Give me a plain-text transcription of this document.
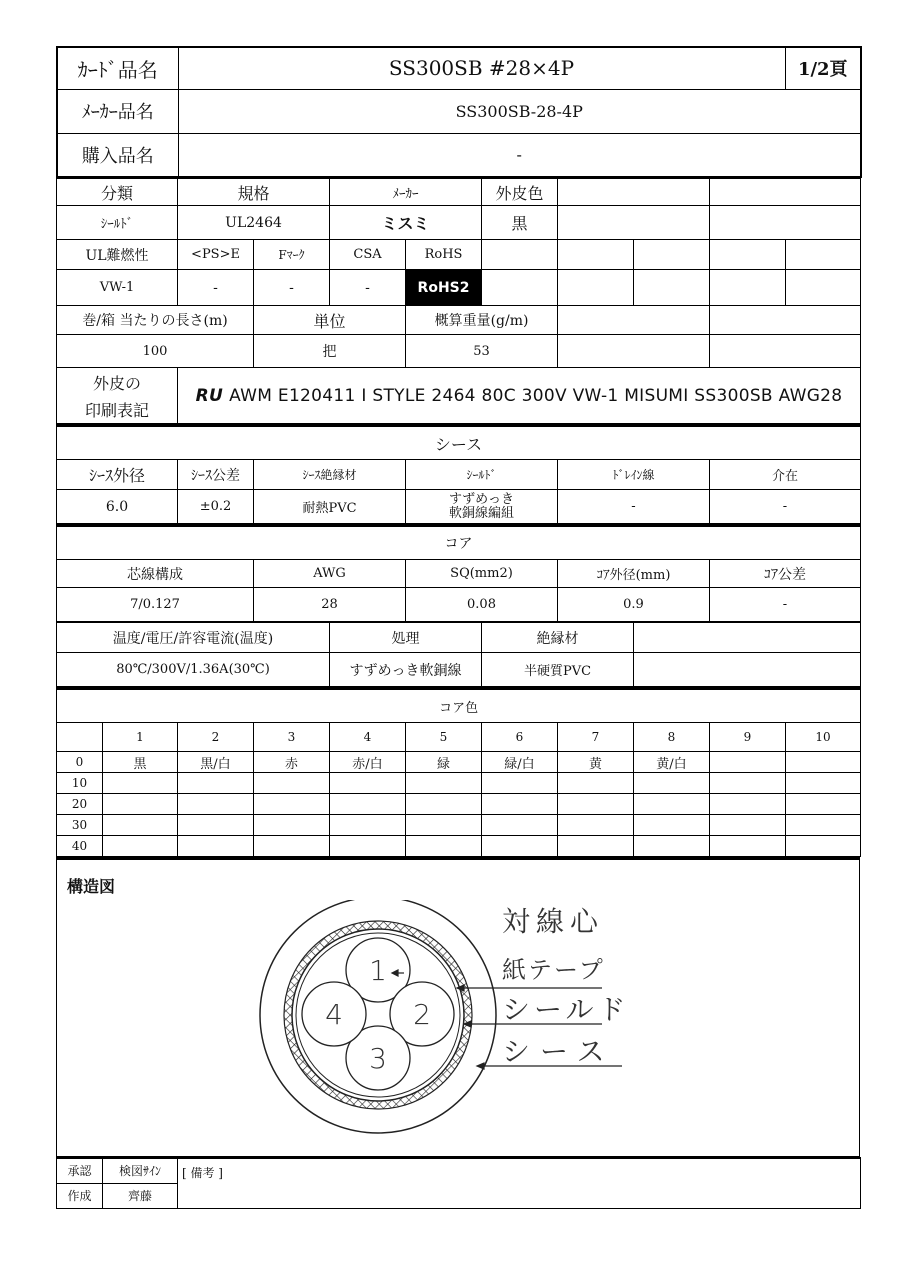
ｶｰﾄﾞ品名	SS300SB #28×4P	1/2頁
ﾒｰｶｰ品名	SS300SB-28-4P	
購入品名	-	
分類	規格		ﾒｰｶｰ		外皮色				
ｼｰﾙﾄﾞ	UL2464		ミスミ		黒				
UL難燃性	<PS>E	Fﾏｰｸ	CSA	RoHS					
VW-1	-	-	-	RoHS2					
巻/箱 当たりの長さ(m)		単位		概算重量(g/m)					
100		把		53					

外皮の
印刷表記	RU AWM E120411 I STYLE 2464 80C 300V VW-1 MISUMI SS300SB AWG28								
シース					
ｼｰｽ外径	ｼｰｽ公差	ｼｰｽ絶縁材	ｼｰﾙﾄﾞ	ﾄﾞﾚｲﾝ線	介在
6.0	±0.2	耐熱PVC	すずめっき
軟銅線編組	-	-
コア				
芯線構成	AWG	SQ(mm2)	ｺｱ外径(mm)	ｺｱ公差
7/0.127	28	0.08	0.9	-
温度/電圧/許容電流(温度)	処理	絶縁材	
80℃/300V/1.36A(30℃)	すずめっき軟銅線	半硬質PVC	
コア色										
	1	2	3	4	5	6	7	8	9	10
0	黒	黒/白	赤	赤/白	緑	緑/白	黄	黄/白		
10										
20										
30										
40										
構造図
1
2
3
4
対線心
紙テープ
シールド
シース
承認	検図ｻｲﾝ	[ 備考 ]
作成	齊藤	
